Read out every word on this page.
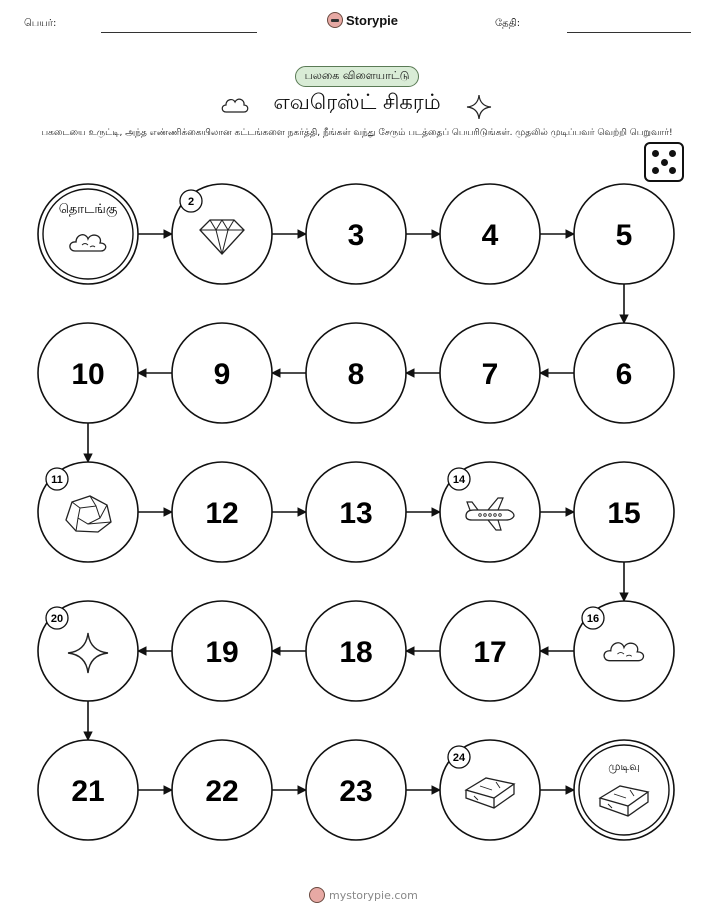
பெயர்:	Storypie	தேதி:
பலகை விளையாட்டு
எவரெஸ்ட் சிகரம்
பகடையை உருட்டி, அந்த எண்ணிக்கையிலான கட்டங்களை நகர்த்தி, நீங்கள் வந்து சேரும் படத்தைப் பெயரிடுங்கள். முதலில் முடிப்பவர் வெற்றி பெறுவார்!
தொடங்கு	2
3	4	5
6
7
8
9
10
11
12	13
14
15
16
17
18
19
20
21	22	23
24
முடிவு
mystorypie.com
